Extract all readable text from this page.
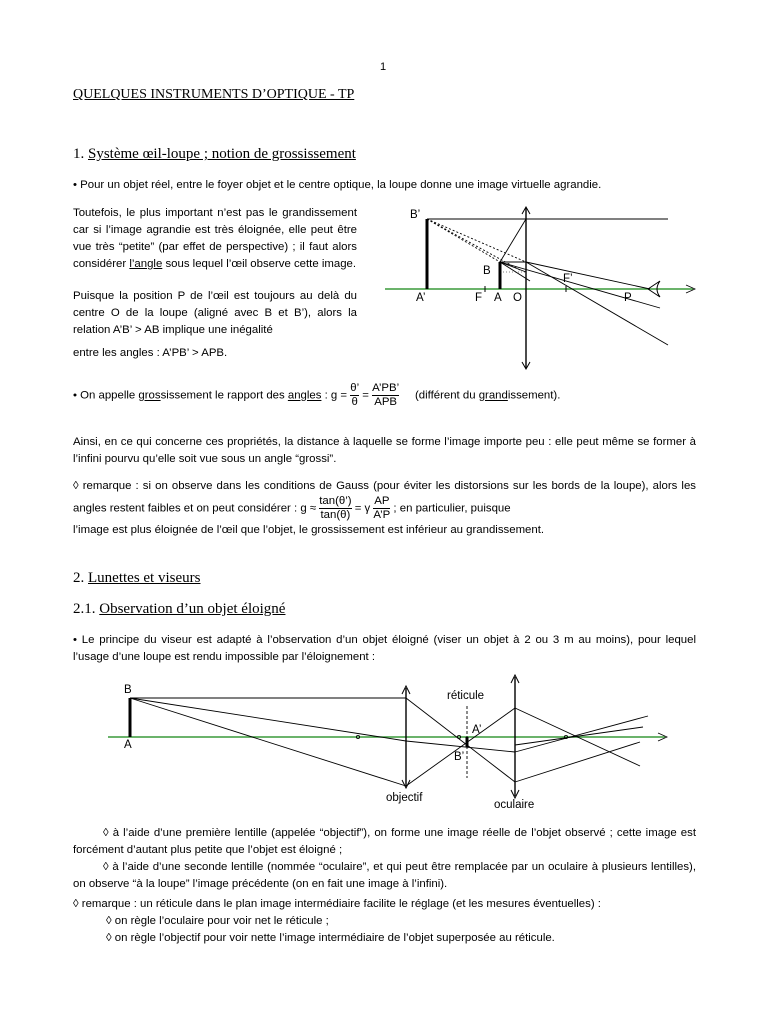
1
QUELQUES INSTRUMENTS D’OPTIQUE - TP
1. Système œil-loupe ; notion de grossissement
• Pour un objet réel, entre le foyer objet et le centre optique, la loupe donne une image virtuelle agrandie.
Toutefois, le plus important n’est pas le grandissement car si l’image agrandie est très éloignée, elle peut être vue très “petite” (par effet de perspective) ; il faut alors considérer l’angle sous lequel l’œil observe cette image.
Puisque la position P de l’œil est toujours au delà du centre O de la loupe (aligné avec B et B’), alors la relation A’B’ > AB implique une inégalité
entre les angles : A’PB’ > APB.
B’
B
A’	F A O
F’
P
• On appelle grossissement le rapport des angles : $g = \frac{\theta’}{\theta} = \frac{A’PB’}{\text{APB}}$ (différent du grandissement).
Ainsi, en ce qui concerne ces propriétés, la distance à laquelle se forme l’image importe peu : elle peut même se former à l’infini pourvu qu’elle soit vue sous un angle “grossi”.
◊ remarque : si on observe dans les conditions de Gauss (pour éviter les distorsions sur les bords de la loupe), alors les angles restent faibles et on peut considérer : $g \approx \frac{\tan(\theta’)}{\tan(\theta)} = \gamma \frac{AP}{A’P}$ ; en particulier, puisque
l’image est plus éloignée de l’œil que l’objet, le grossissement est inférieur au grandissement.
2. Lunettes et viseurs
2.1. Observation d’un objet éloigné
• Le principe du viseur est adapté à l’observation d’un objet éloigné (viser un objet à 2 ou 3 m au moins), pour lequel l’usage d’une loupe est rendu impossible par l’éloignement :
B
A
réticule
A’
B’
objectif
oculaire
◊ à l’aide d’une première lentille (appelée “objectif”), on forme une image réelle de l’objet observé ; cette image est forcément d’autant plus petite que l’objet est éloigné ;
◊ à l’aide d’une seconde lentille (nommée “oculaire”, et qui peut être remplacée par un oculaire à plusieurs lentilles), on observe “à la loupe” l’image précédente (on en fait une image à l’infini).
◊ remarque : un réticule dans le plan image intermédiaire facilite le réglage (et les mesures éventuelles) :
◊ on règle l’oculaire pour voir net le réticule ;
◊ on règle l’objectif pour voir nette l’image intermédiaire de l’objet superposée au réticule.
